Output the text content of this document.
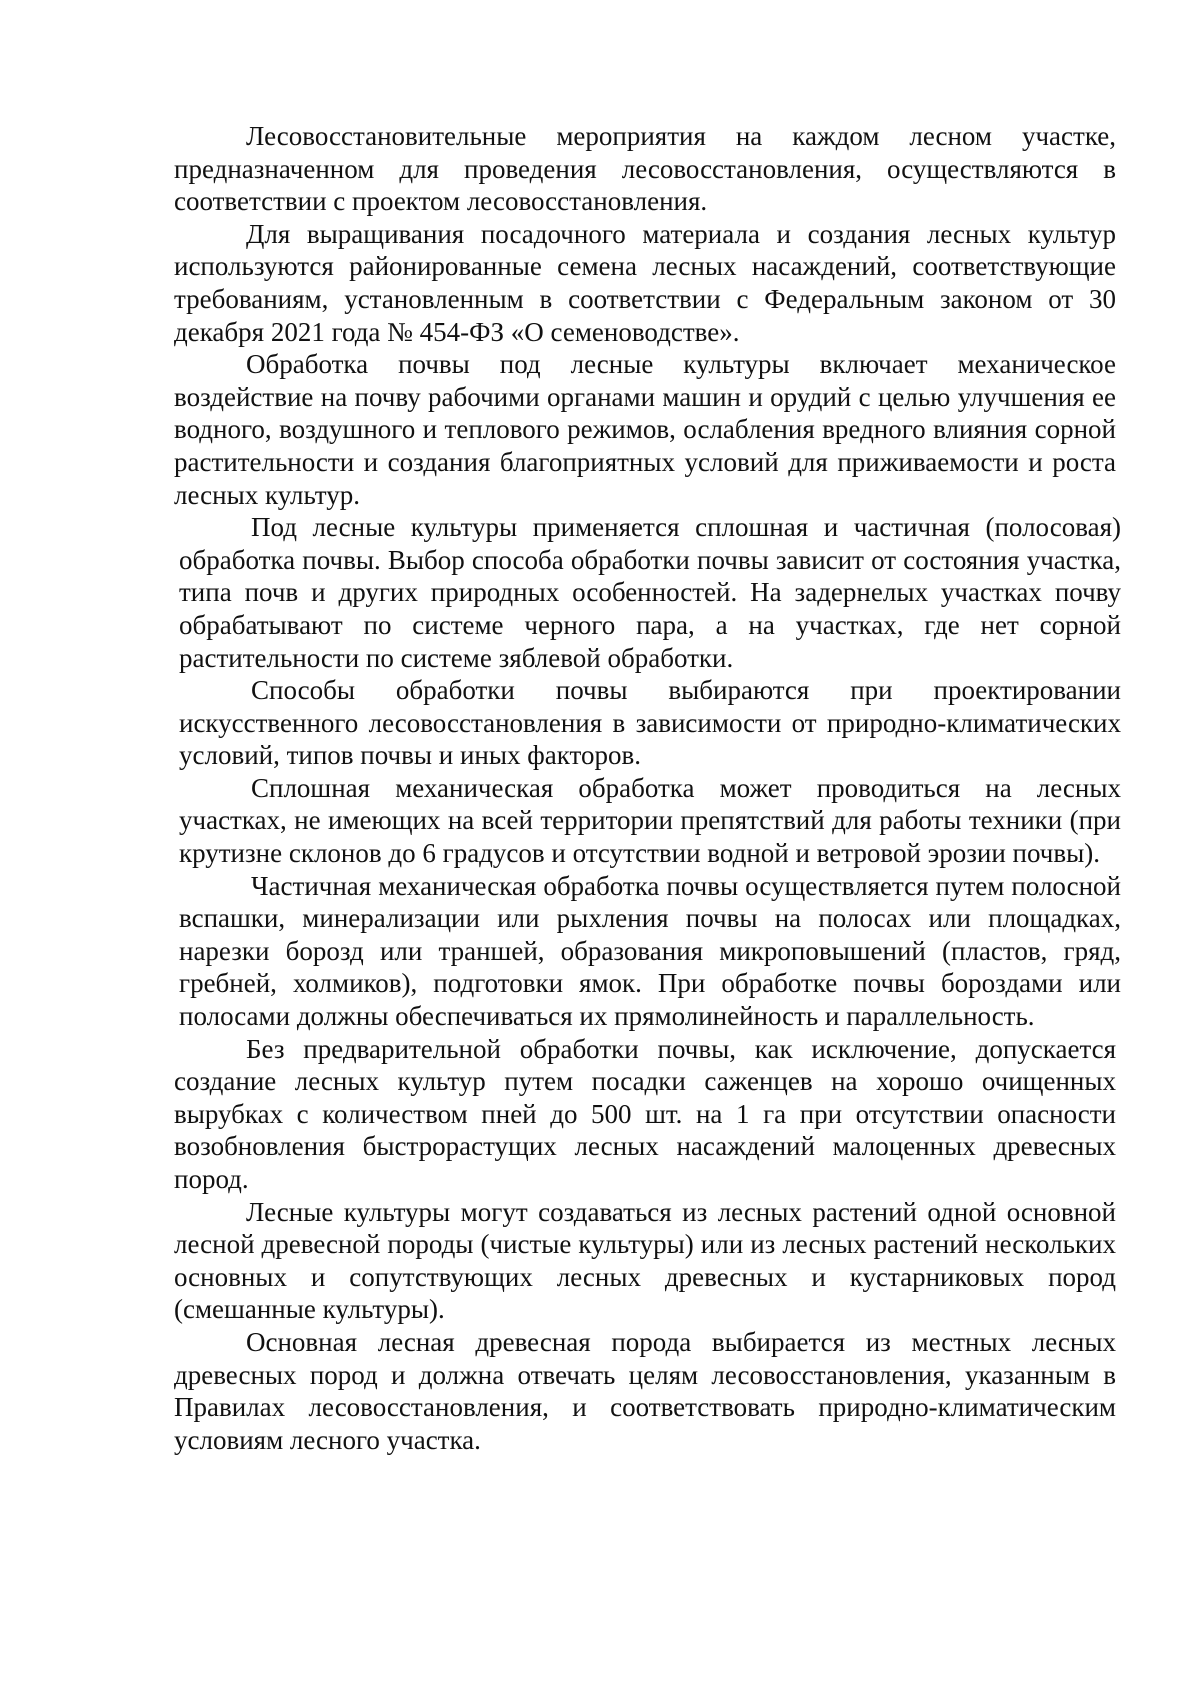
Лесовосстановительные мероприятия на каждом лесном участке, предназначенном для проведения лесовосстановления, осуществляются в соответствии с проектом лесовосстановления.

Для выращивания посадочного материала и создания лесных культур используются районированные семена лесных насаждений, соответствующие требованиям, установленным в соответствии с Федеральным законом от 30 декабря 2021 года № 454-ФЗ «О семеноводстве».

Обработка почвы под лесные культуры включает механическое воздействие на почву рабочими органами машин и орудий с целью улучшения ее водного, воздушного и теплового режимов, ослабления вредного влияния сорной растительности и создания благоприятных условий для приживаемости и роста лесных культур.

Под лесные культуры применяется сплошная и частичная (полосовая) обработка почвы. Выбор способа обработки почвы зависит от состояния участка, типа почв и других природных особенностей. На задернелых участках почву обрабатывают по системе черного пара, а на участках, где нет сорной растительности по системе зяблевой обработки.

Способы обработки почвы выбираются при проектировании искусственного лесовосстановления в зависимости от природно-климатических условий, типов почвы и иных факторов.

Сплошная механическая обработка может проводиться на лесных участках, не имеющих на всей территории препятствий для работы техники (при крутизне склонов до 6 градусов и отсутствии водной и ветровой эрозии почвы).

Частичная механическая обработка почвы осуществляется путем полосной вспашки, минерализации или рыхления почвы на полосах или площадках, нарезки борозд или траншей, образования микроповышений (пластов, гряд, гребней, холмиков), подготовки ямок. При обработке почвы бороздами или полосами должны обеспечиваться их прямолинейность и параллельность.

Без предварительной обработки почвы, как исключение, допускается создание лесных культур путем посадки саженцев на хорошо очищенных вырубках с количеством пней до 500 шт. на 1 га при отсутствии опасности возобновления быстрорастущих лесных насаждений малоценных древесных пород.

Лесные культуры могут создаваться из лесных растений одной основной лесной древесной породы (чистые культуры) или из лесных растений нескольких основных и сопутствующих лесных древесных и кустарниковых пород (смешанные культуры).

Основная лесная древесная порода выбирается из местных лесных древесных пород и должна отвечать целям лесовосстановления, указанным в Правилах лесовосстановления, и соответствовать природно-климатическим условиям лесного участка.
